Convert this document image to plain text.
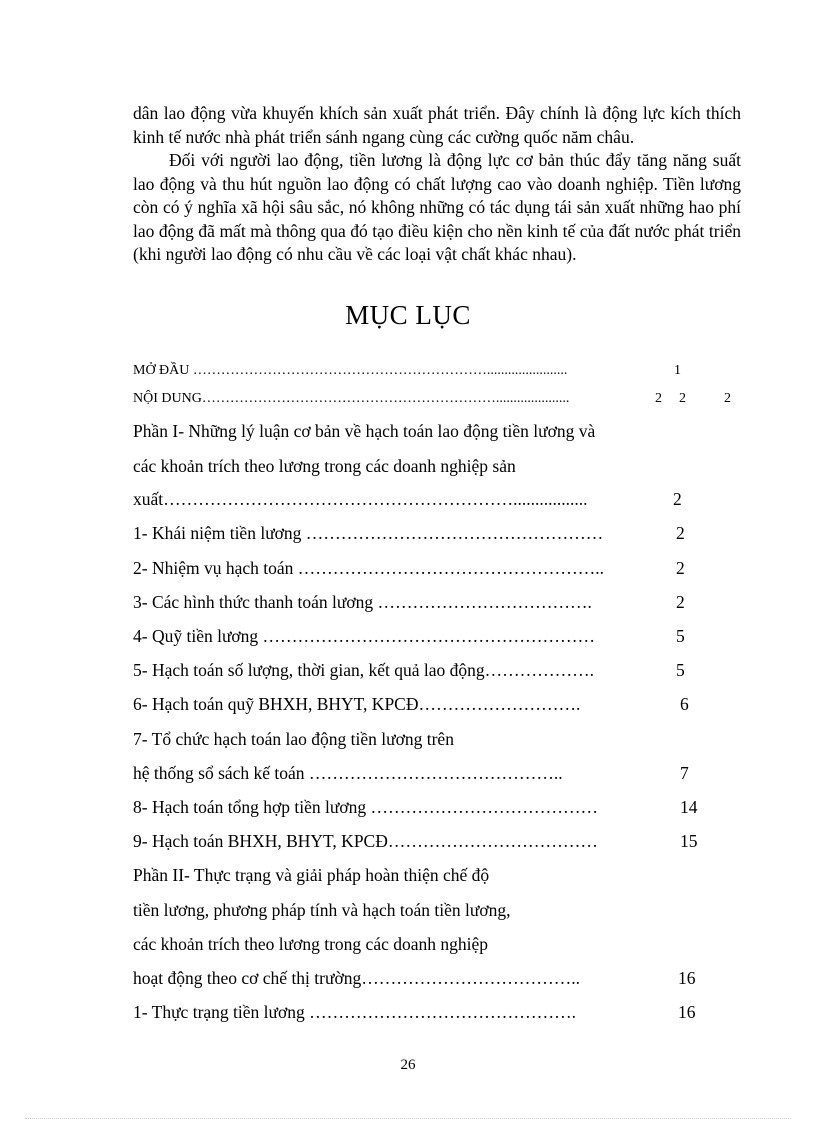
dân lao động vừa khuyến khích sản xuất phát triển. Đây chính là động lực kích thích kinh tế nước nhà phát triển sánh ngang cùng các cường quốc năm châu.

Đối với người lao động, tiền lương là động lực cơ bản thúc đẩy tăng năng suất lao động và thu hút nguồn lao động có chất lượng cao vào doanh nghiệp. Tiền lương còn có ý nghĩa xã hội sâu sắc, nó không những có tác dụng tái sản xuất những hao phí lao động đã mất mà thông qua đó tạo điều kiện cho nền kinh tế của đất nước phát triển (khi người lao động có nhu cầu về các loại vật chất khác nhau).

MỤC LỤC
MỞ ĐẦU ……………………………………………………….......................	1
NỘI DUNG……………………………………………………….....................	2 2	2
Phần I- Những lý luận cơ bản về hạch toán lao động tiền lương và
các khoản trích theo lương trong các doanh nghiệp sản
xuất…………………………………………………….................	2
1- Khái niệm tiền lương ……………………………………………	2
2- Nhiệm vụ hạch toán ……………………………………………..	2
3- Các hình thức thanh toán lương ……………………………….	2
4- Quỹ tiền lương …………………………………………………	5
5- Hạch toán số lượng, thời gian, kết quả lao động……………….	5
6- Hạch toán quỹ BHXH, BHYT, KPCĐ……………………….	6
7- Tổ chức hạch toán lao động tiền lương trên
hệ thống sổ sách kế toán ……………………………………..	7
8- Hạch toán tổng hợp tiền lương …………………………………	14
9- Hạch toán BHXH, BHYT, KPCĐ………………………………	15
Phần II- Thực trạng và giải pháp hoàn thiện chế độ
tiền lương, phương pháp tính và hạch toán tiền lương,
các khoản trích theo lương trong các doanh nghiệp
hoạt động theo cơ chế thị trường………………………………..	16
1- Thực trạng tiền lương ……………………………………….	16
26
